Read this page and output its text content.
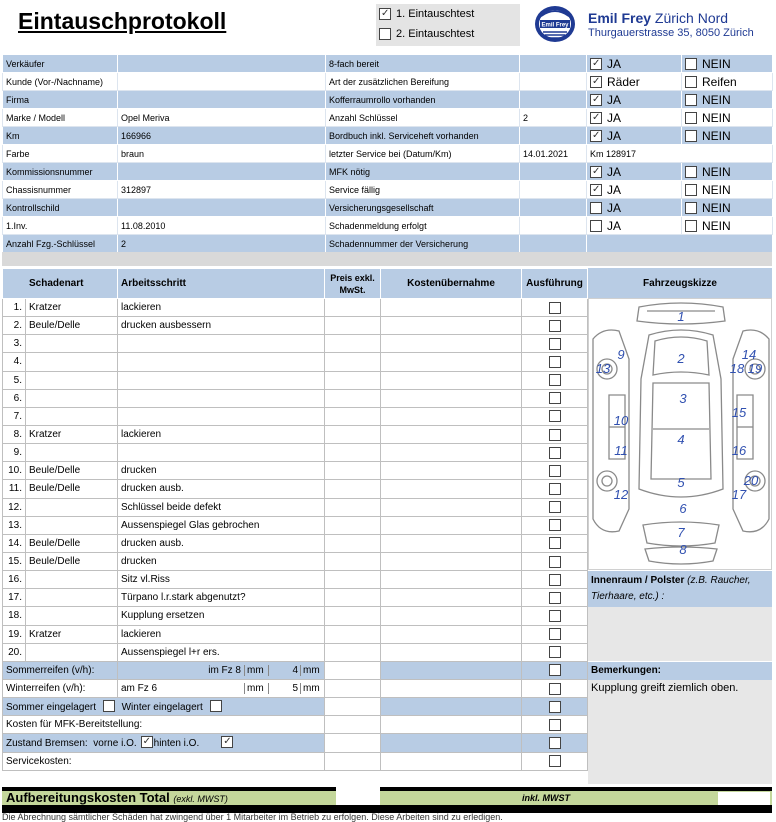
Eintauschprotokoll ✓	1. Eintauschtest
2. Eintauschtest
Emil Frey Emil Frey Zürich Nord
Thurgauerstrasse 35, 8050 Zürich
Verkäufer		8-fach bereit		✓JA	NEIN
Kunde (Vor-/Nachname)		Art der zusätzlichen Bereifung		✓Räder	Reifen
Firma		Kofferraumrollo vorhanden		✓JA	NEIN
Marke / Modell	Opel Meriva	Anzahl Schlüssel	2	✓JA	NEIN
Km	166966	Bordbuch inkl. Serviceheft vorhanden		✓JA	NEIN
Farbe	braun	letzter Service bei (Datum/Km)	14.01.2021	Km 128917	
Kommissionsnummer		MFK nötig		✓JA	NEIN
Chassisnummer	312897	Service fällig		✓JA	NEIN
Kontrollschild		Versicherungsgesellschaft		JA	NEIN
1.Inv.	11.08.2010	Schadenmeldung erfolgt		JA	NEIN
Anzahl Fzg.-Schlüssel	2	Schadennummer der Versicherung			
Schadenart		Arbeitsschritt	Preis exkl. MwSt.	Kostenübernahme	Ausführung
1.	Kratzer	lackieren			
2.	Beule/Delle	drucken ausbessern			
3.					
4.					
5.					
6.					
7.					
8.	Kratzer	lackieren			
9.					
10.	Beule/Delle	drucken			
11.	Beule/Delle	drucken ausb.			
12.		Schlüssel beide defekt			
13.		Aussenspiegel Glas gebrochen			
14.	Beule/Delle	drucken ausb.			
15.	Beule/Delle	drucken			
16.		Sitz vl.Riss			
17.		Türpano l.r.stark abgenutzt?			
18.		Kupplung ersetzen			
19.	Kratzer	lackieren			
20.		Aussenspiegel l+r ers.			
Sommerreifen (v/h):		im Fz 8 mm 4 mm			

Winterreifen (v/h):		am Fz 6 mm 5 mm			

Sommer eingelagert Winter eingelagert					
Kosten für MFK-Bereitstellung:					
Zustand Bremsen: vorne i.O. ✓ hinten i.O.✓			
Servicekosten:					
Fahrzeugskizze
1
2
3
4
5
6
7
8
9
10
11
12
13
14
15
16
17
18 19
20
Innenraum / Polster (z.B. Raucher, Tierhaare, etc.) :
Bemerkungen:
Kupplung greift ziemlich oben.
Aufbereitungskosten Total (exkl. MWST)	inkl. MWST
Die Abrechnung sämtlicher Schäden hat zwingend über 1 Mitarbeiter im Betrieb zu erfolgen. Diese Arbeiten sind zu erledigen.
